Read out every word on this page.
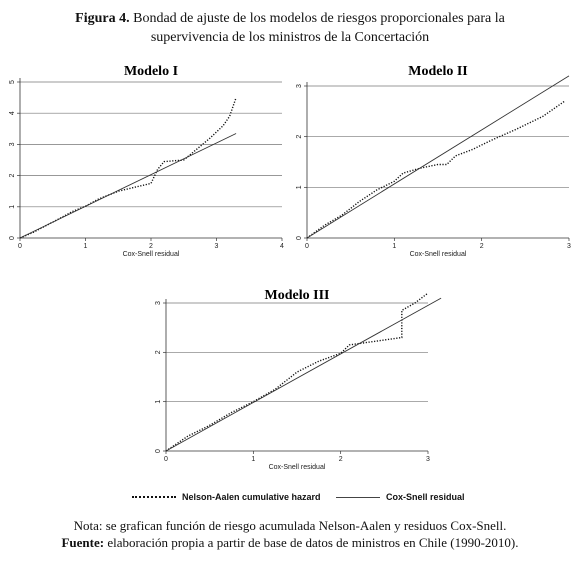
Figura 4. Bondad de ajuste de los modelos de riesgos proporcionales para la
supervivencia de los ministros de la Concertación
Modelo I
0
1
2
3
4
5
0	1	2	3	4
Cox-Snell residual
Modelo II
0
1
2
3
0	1	2	3
Cox-Snell residual
Modelo III
0
1
2
3
0	1	2	3
Cox-Snell residual
Nelson-Aalen cumulative hazard	Cox-Snell residual
Nota: se grafican función de riesgo acumulada Nelson-Aalen y residuos Cox-Snell.
Fuente: elaboración propia a partir de base de datos de ministros en Chile (1990-2010).
